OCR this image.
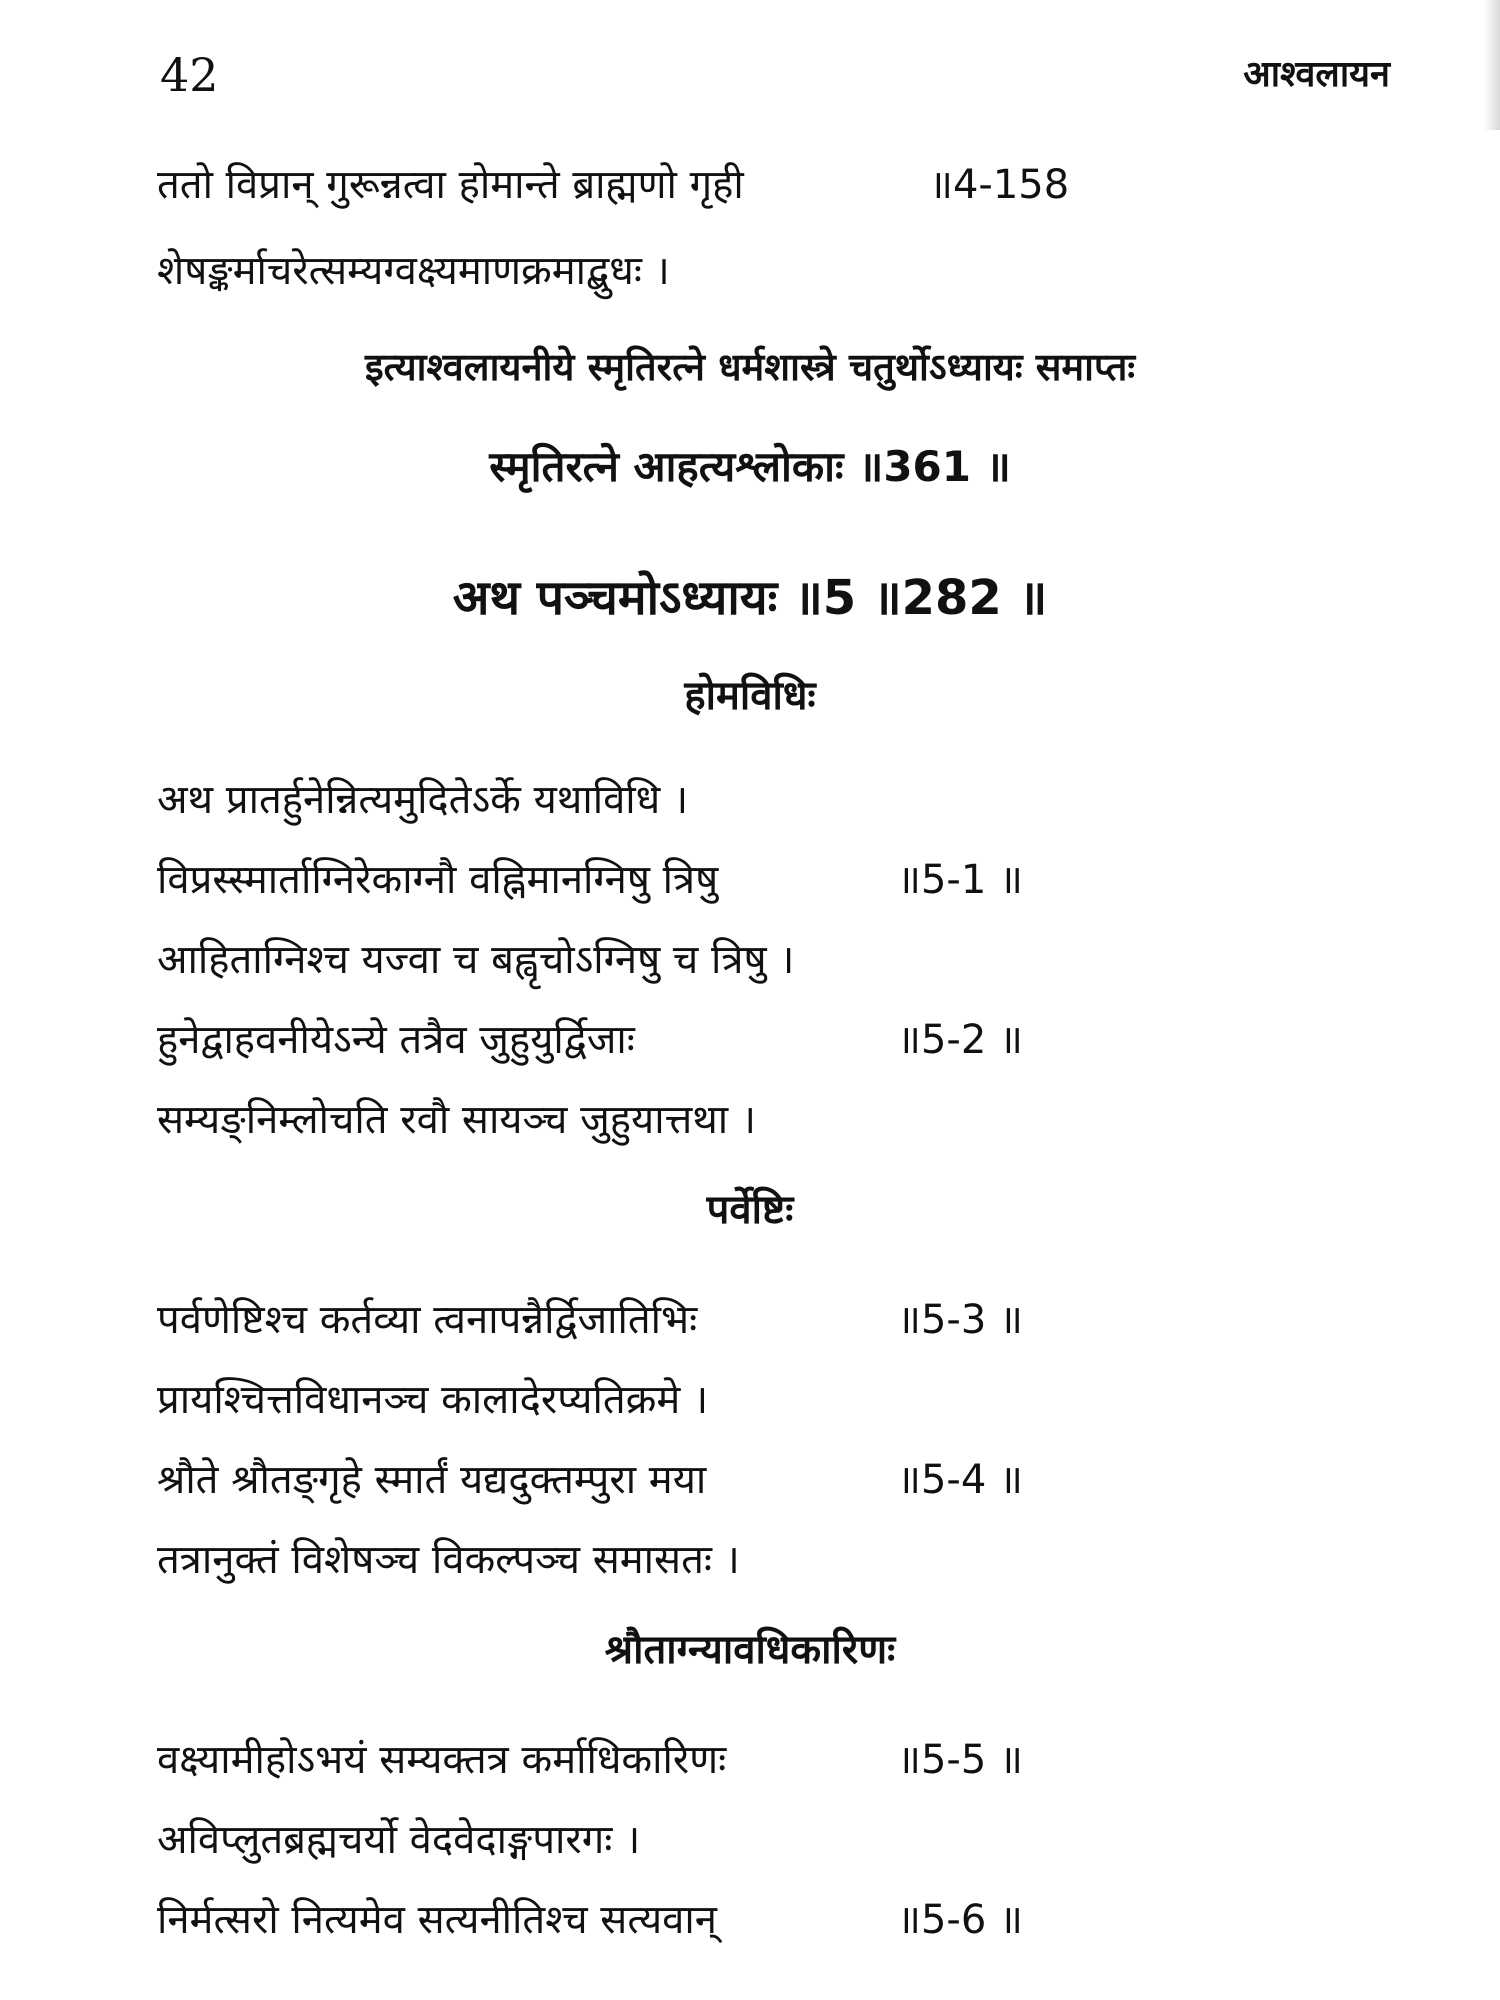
42	आश्वलायन
ततो विप्रान् गुरून्नत्वा होमान्ते ब्राह्मणो गृही	॥4-158
शेषङ्कर्माचरेत्सम्यग्वक्ष्यमाणक्रमाद्बुधः ।
इत्याश्वलायनीये स्मृतिरत्ने धर्मशास्त्रे चतुर्थोऽध्यायः समाप्तः
स्मृतिरत्ने आहत्यश्लोकाः ॥361 ॥
अथ पञ्चमोऽध्यायः ॥5 ॥282 ॥
होमविधिः
अथ प्रातर्हुनेन्नित्यमुदितेऽर्के यथाविधि ।
विप्रस्स्मार्ताग्निरेकाग्नौ वह्निमानग्निषु त्रिषु	॥5-1 ॥
आहिताग्निश्च यज्वा च बह्वृचोऽग्निषु च त्रिषु ।
हुनेद्वाहवनीयेऽन्ये तत्रैव जुहुयुर्द्विजाः	॥5-2 ॥
सम्यङ्निम्लोचति रवौ सायञ्च जुहुयात्तथा ।
पर्वेष्टिः
पर्वणेष्टिश्च कर्तव्या त्वनापन्नैर्द्विजातिभिः	॥5-3 ॥
प्रायश्चित्तविधानञ्च कालादेरप्यतिक्रमे ।
श्रौते श्रौतङ्गृहे स्मार्तं यद्यदुक्तम्पुरा मया	॥5-4 ॥
तत्रानुक्तं विशेषञ्च विकल्पञ्च समासतः ।
श्रौताग्न्यावधिकारिणः
वक्ष्यामीहोऽभयं सम्यक्तत्र कर्माधिकारिणः	॥5-5 ॥
अविप्लुतब्रह्मचर्यो वेदवेदाङ्गपारगः ।
निर्मत्सरो नित्यमेव सत्यनीतिश्च सत्यवान्	॥5-6 ॥
